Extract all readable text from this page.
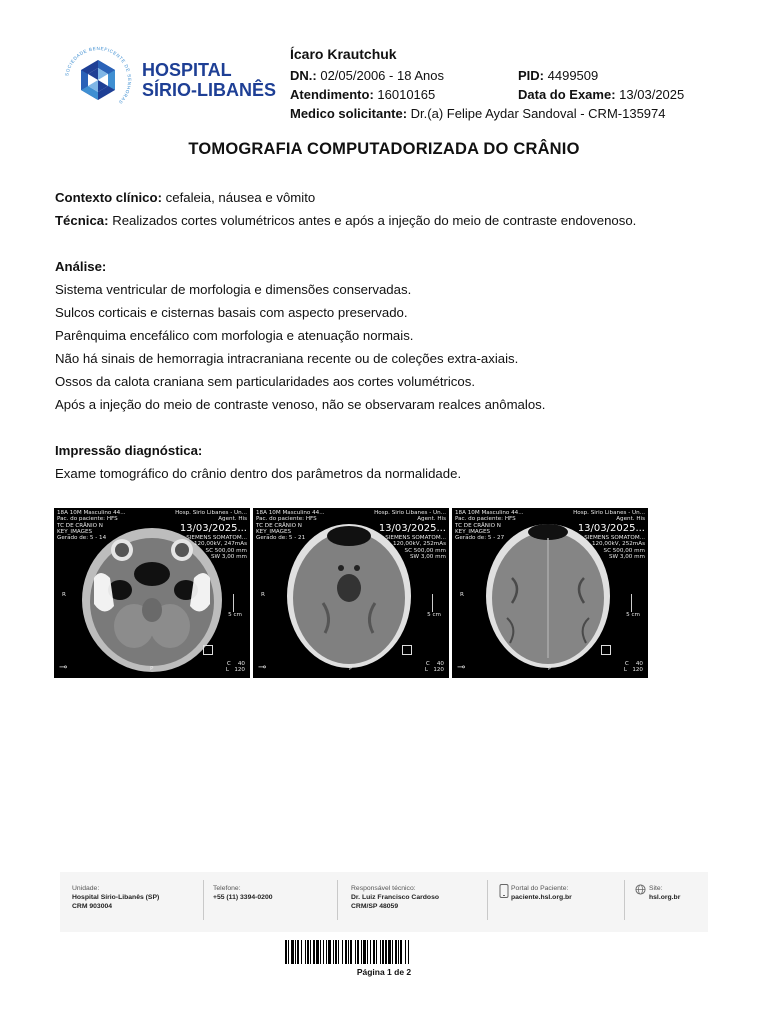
SOCIEDADE BENEFICENTE DE SENHORAS
HOSPITAL
SÍRIO-LIBANÊS
Ícaro Krautchuk
DN.: 02/05/2006 - 18 Anos	PID: 4499509
Atendimento: 16010165	Data do Exame: 13/03/2025
Medico solicitante: Dr.(a) Felipe Aydar Sandoval - CRM-135974
TOMOGRAFIA COMPUTADORIZADA DO CRÂNIO

Contexto clínico: cefaleia, náusea e vômito

Técnica: Realizados cortes volumétricos antes e após a injeção do meio de contraste endovenoso.

Análise:

Sistema ventricular de morfologia e dimensões conservadas.

Sulcos corticais e cisternas basais com aspecto preservado.

Parênquima encefálico com morfologia e atenuação normais.

Não há sinais de hemorragia intracraniana recente ou de coleções extra-axiais.

Ossos da calota craniana sem particularidades aos cortes volumétricos.

Após a injeção do meio de contraste venoso, não se observaram realces anômalos.

Impressão diagnóstica:

Exame tomográfico do crânio dentro dos parâmetros da normalidade.

18A 10M Masculino 44...
Pac. do paciente: HFS
TC DE CRÂNIO N
KEY_IMAGES
Gerado de: 5 - 14
Hosp. Sirio Libanes - Un...
Agent. His
13/03/2025...
SIEMENS SOMATOM...
120,00kV, 247mAs
SC 500,00 mm
SW 3,00 mm
R
P
5 cm
⊸	C 40
L 120
18A 10M Masculino 44...
Pac. do paciente: HFS
TC DE CRÂNIO N
KEY_IMAGES
Gerado de: 5 - 21
Hosp. Sirio Libanes - Un...
Agent. His
13/03/2025...
SIEMENS SOMATOM...
120,00kV, 252mAs
SC 500,00 mm
SW 3,00 mm
R
P
5 cm
⊸	C 40
L 120
18A 10M Masculino 44...
Pac. do paciente: HFS
TC DE CRÂNIO N
KEY_IMAGES
Gerado de: 5 - 27
Hosp. Sirio Libanes - Un...
Agent. His
13/03/2025...
SIEMENS SOMATOM...
120,00kV, 252mAs
SC 500,00 mm
SW 3,00 mm
R
P
5 cm
⊸	C 40
L 120
Unidade:
Hospital Sírio-Libanês (SP)
CRM 903004
Telefone:
+55 (11) 3394-0200
Responsável técnico:
Dr. Luiz Francisco Cardoso
CRM/SP 48059
Portal do Paciente:
paciente.hsl.org.br
Site:
hsl.org.br
Página 1 de 2
